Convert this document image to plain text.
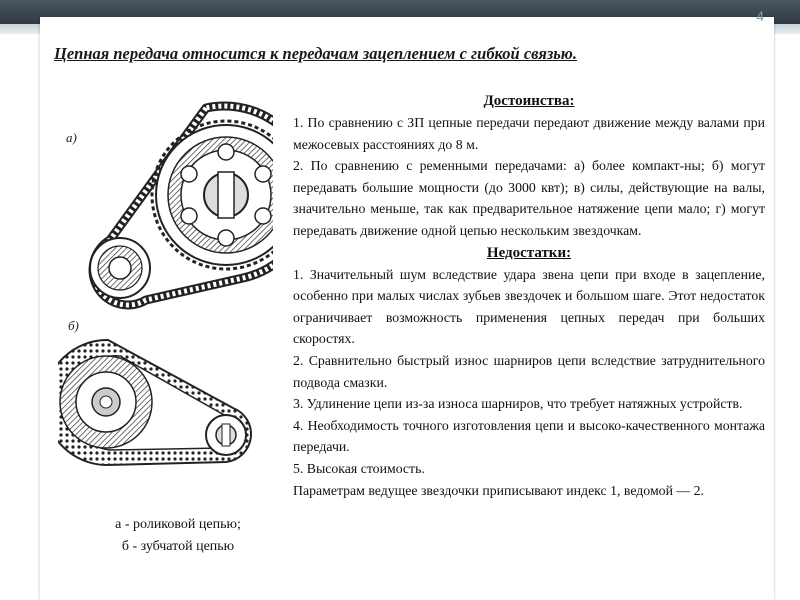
4
Цепная передача относится к передачам зацеплением с гибкой связью.
а)
б)
а - роликовой цепью;
б - зубчатой цепью
Достоинства:

1. По сравнению с ЗП цепные передачи передают движение между валами при межосевых расстояниях до 8 м.

2. По сравнению с ременными передачами: а) более компакт-ны; б) могут передавать большие мощности (до 3000 квт); в) силы, действующие на валы, значительно меньше, так как предварительное натяжение цепи мало; г) могут передавать движение одной цепью нескольким звездочкам.

Недостатки:

1. Значительный шум вследствие удара звена цепи при входе в зацепление, особенно при малых числах зубьев звездочек и большом шаге. Этот недостаток ограничивает возможность применения цепных передач при больших скоростях.

2. Сравнительно быстрый износ шарниров цепи вследствие затруднительного подвода смазки.

3. Удлинение цепи из-за износа шарниров, что требует натяжных устройств.

4. Необходимость точного изготовления цепи и высоко-качественного монтажа передачи.

5. Высокая стоимость.

Параметрам ведущее звездочки приписывают индекс 1, ведомой — 2.
